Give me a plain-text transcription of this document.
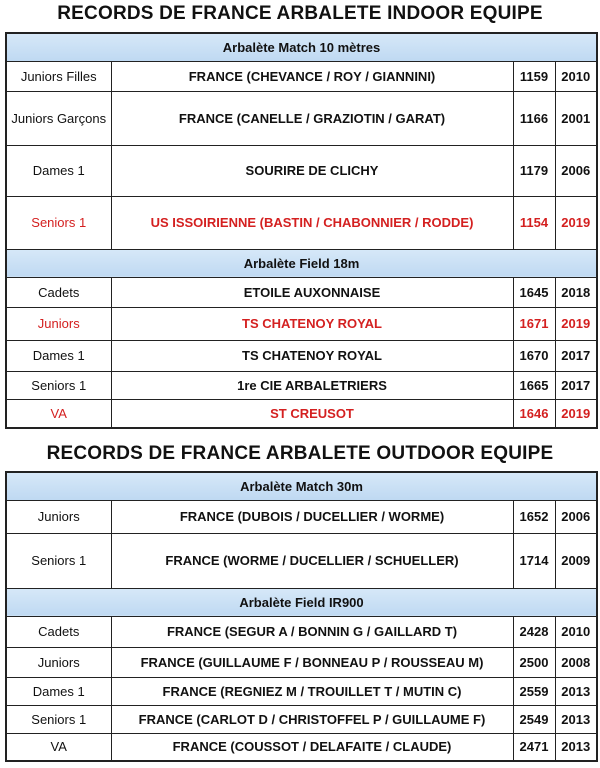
RECORDS DE FRANCE ARBALETE INDOOR EQUIPE
Arbalète Match 10 mètres			
Juniors Filles	FRANCE (CHEVANCE / ROY / GIANNINI)	1159	2010
Juniors Garçons	FRANCE (CANELLE / GRAZIOTIN / GARAT)	1166	2001
Dames 1	SOURIRE DE CLICHY	1179	2006
Seniors 1	US ISSOIRIENNE (BASTIN / CHABONNIER / RODDE)	1154	2019
Arbalète Field 18m			
Cadets	ETOILE AUXONNAISE	1645	2018
Juniors	TS CHATENOY ROYAL	1671	2019
Dames 1	TS CHATENOY ROYAL	1670	2017
Seniors 1	1re CIE ARBALETRIERS	1665	2017
VA	ST CREUSOT	1646	2019
RECORDS DE FRANCE ARBALETE OUTDOOR EQUIPE
Arbalète Match 30m			
Juniors	FRANCE (DUBOIS / DUCELLIER / WORME)	1652	2006
Seniors 1	FRANCE (WORME / DUCELLIER / SCHUELLER)	1714	2009
Arbalète Field IR900			
Cadets	FRANCE (SEGUR A / BONNIN G / GAILLARD T)	2428	2010
Juniors	FRANCE (GUILLAUME F / BONNEAU P / ROUSSEAU M)	2500	2008
Dames 1	FRANCE (REGNIEZ M / TROUILLET T / MUTIN C)	2559	2013
Seniors 1	FRANCE (CARLOT D / CHRISTOFFEL P / GUILLAUME F)	2549	2013
VA	FRANCE (COUSSOT / DELAFAITE / CLAUDE)	2471	2013
